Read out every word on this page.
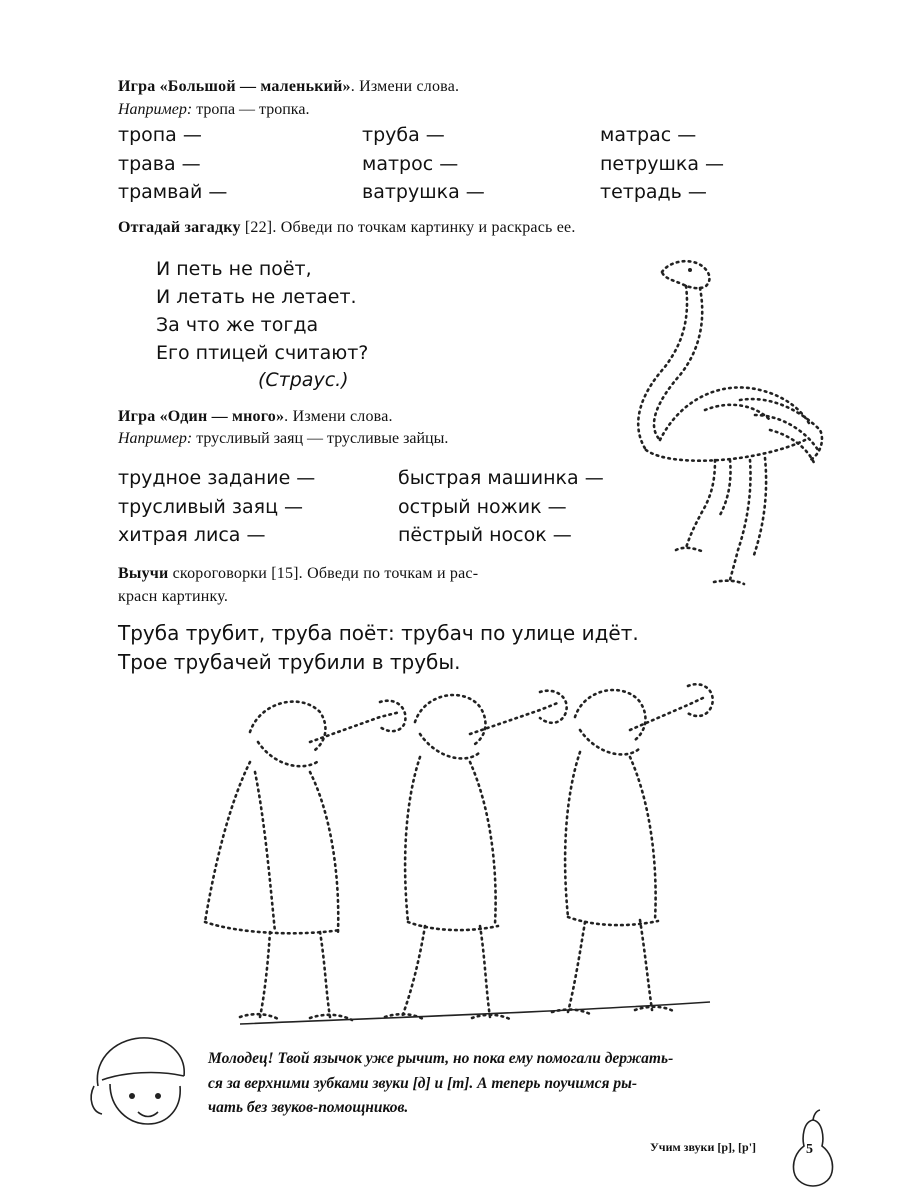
Игра «Большой — маленький». Измени слова.
Например: тропа — тропка.
тропа —	труба —	матрас —
трава —	матрос —	петрушка —
трамвай —	ватрушка —	тетрадь —
Отгадай загадку [22]. Обведи по точкам картинку и раскрась ее.
И петь не поёт,
И летать не летает.
За что же тогда
Его птицей считают?
(Страус.)
Игра «Один — много». Измени слова.
Например: трусливый заяц — трусливые зайцы.
трудное задание —	быстрая машинка —
трусливый заяц —	острый ножик —
хитрая лиса —	пёстрый носок —
Выучи скороговорки [15]. Обведи по точкам и рас-
красн картинку.
Труба трубит, труба поёт: трубач по улице идёт.
Трое трубачей трубили в трубы.
Молодец! Твой язычок уже рычит, но пока ему помогали держать-
ся за верхними зубками звуки [д] и [т]. А теперь поучимся ры-
чать без звуков-помощников.
Учим звуки [р], [р']	5
